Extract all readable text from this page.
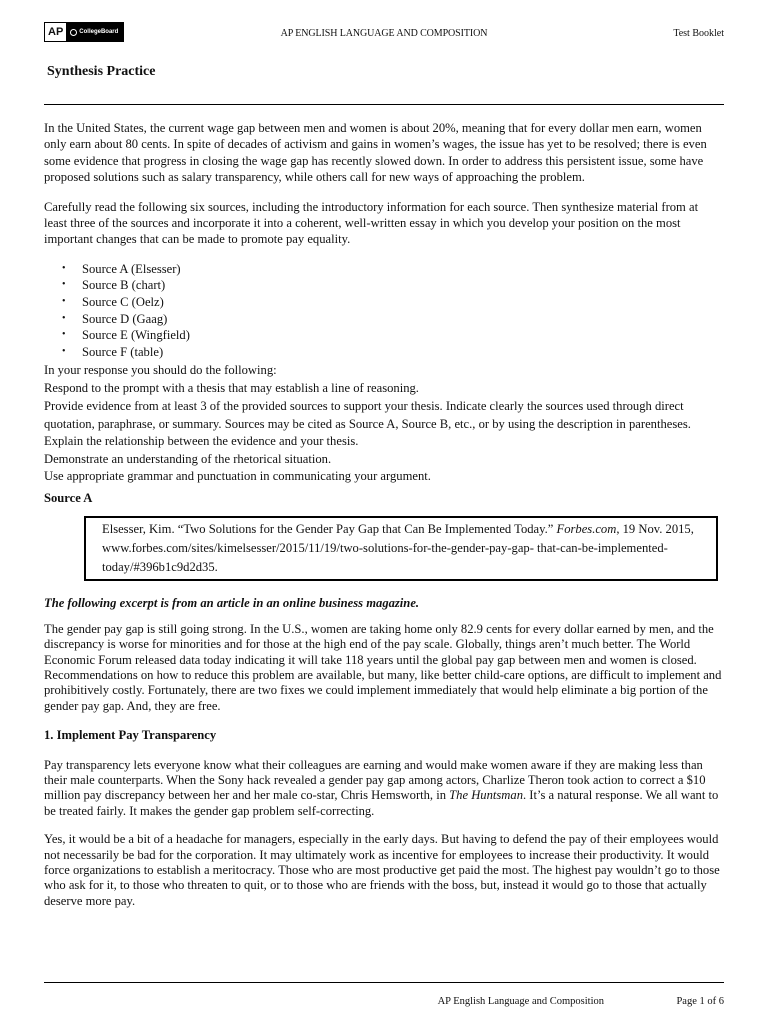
AP	CollegeBoard	AP ENGLISH LANGUAGE AND COMPOSITION	Test Booklet
Synthesis Practice

In the United States, the current wage gap between men and women is about 20%, meaning that for every dollar men earn, women only earn about 80 cents. In spite of decades of activism and gains in women’s wages, the issue has yet to be resolved; there is even some evidence that progress in closing the wage gap has recently slowed down. In order to address this persistent issue, some have proposed solutions such as salary transparency, while others call for new ways of approaching the problem.

Carefully read the following six sources, including the introductory information for each source. Then synthesize material from at least three of the sources and incorporate it into a coherent, well-written essay in which you develop your position on the most important changes that can be made to promote pay equality.

• Source A (Elsesser)
• Source B (chart)
• Source C (Oelz)
• Source D (Gaag)
• Source E (Wingfield)
• Source F (table)
In your response you should do the following:
Respond to the prompt with a thesis that may establish a line of reasoning.
Provide evidence from at least 3 of the provided sources to support your thesis. Indicate clearly the sources used through direct quotation, paraphrase, or summary. Sources may be cited as Source A, Source B, etc., or by using the description in parentheses.
Explain the relationship between the evidence and your thesis.
Demonstrate an understanding of the rhetorical situation.
Use appropriate grammar and punctuation in communicating your argument.
Source A
Elsesser, Kim. “Two Solutions for the Gender Pay Gap that Can Be Implemented Today.” Forbes.com, 19 Nov. 2015, www.forbes.com/sites/kimelsesser/2015/11/19/two-solutions-for-the-gender-pay-gap- that-can-be-implemented-today/#396b1c9d2d35.
The following excerpt is from an article in an online business magazine.

The gender pay gap is still going strong. In the U.S., women are taking home only 82.9 cents for every dollar earned by men, and the discrepancy is worse for minorities and for those at the high end of the pay scale. Globally, things aren’t much better. The World Economic Forum released data today indicating it will take 118 years until the global pay gap between men and women is closed. Recommendations on how to reduce this problem are available, but many, like better child-care options, are difficult to implement and prohibitively costly. Fortunately, there are two fixes we could implement immediately that would help eliminate a big portion of the gender pay gap. And, they are free.

1. Implement Pay Transparency

Pay transparency lets everyone know what their colleagues are earning and would make women aware if they are making less than their male counterparts. When the Sony hack revealed a gender pay gap among actors, Charlize Theron took action to correct a $10 million pay discrepancy between her and her male co-star, Chris Hemsworth, in The Huntsman. It’s a natural response. We all want to be treated fairly. It makes the gender gap problem self-correcting.

Yes, it would be a bit of a headache for managers, especially in the early days. But having to defend the pay of their employees would not necessarily be bad for the corporation. It may ultimately work as incentive for employees to increase their productivity. It would force organizations to establish a meritocracy. Those who are most productive get paid the most. The highest pay wouldn’t go to those who ask for it, to those who threaten to quit, or to those who are friends with the boss, but, instead it would go to those that actually deserve more pay.

AP English Language and Composition	Page 1 of 6
